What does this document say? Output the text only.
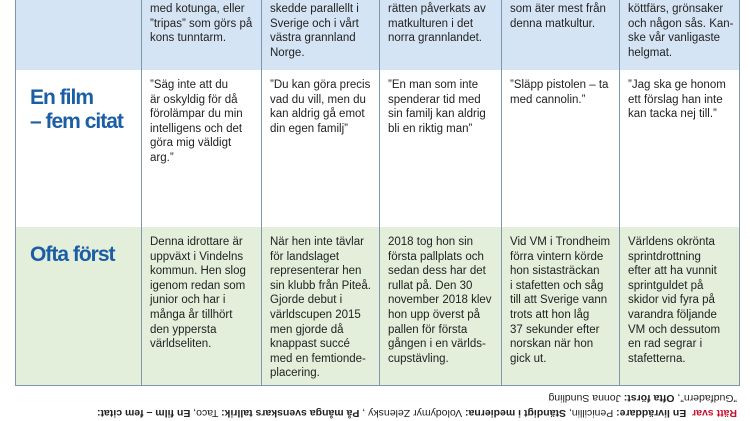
med kotunga, eller
”tripas” som görs på
kons tunntarm.
skedde parallellt i
Sverige och i vårt
västra grannland
Norge.
rätten påverkats av
matkulturen i det
norra grannlandet.
som äter mest från
denna matkultur.
köttfärs, grönsaker
och någon sås. Kan-
ske vår vanligaste
helgmat.
En film
– fem citat
”Säg inte att du
är oskyldig för då
förolämpar du min
intelligens och det
göra mig väldigt
arg.”
”Du kan göra precis
vad du vill, men du
kan aldrig gå emot
din egen familj”
”En man som inte
spenderar tid med
sin familj kan aldrig
bli en riktig man”
”Släpp pistolen – ta
med cannolin.”
”Jag ska ge honom
ett förslag han inte
kan tacka nej till.”
Ofta först
Denna idrottare är
uppväxt i Vindelns
kommun. Hen slog
igenom redan som
junior och har i
många år tillhört
den yppersta
världseliten.
När hen inte tävlar
för landslaget
representerar hen
sin klubb från Piteå.
Gjorde debut i
världscupen 2015
men gjorde då
knappast succé
med en femtionde-
placering.
2018 tog hon sin
första pallplats och
sedan dess har det
rullat på. Den 30
november 2018 klev
hon upp överst på
pallen för första
gången i en världs-
cupstävling.
Vid VM i Trondheim
förra vintern körde
hon sistasträckan
i stafetten och såg
till att Sverige vann
trots att hon låg
37 sekunder efter
norskan när hon
gick ut.
Världens okrönta
sprintdrottning
efter att ha vunnit
sprintguldet på
skidor vid fyra på
varandra följande
VM och dessutom
en rad segrar i
stafetterna.
Rätt svar  En livräddare: Penicillin, Ständigt i medierna: Volodymyr Zelensky , På många svenskars tallrik: Taco, En film – fem citat:
”Gudfadern”, Ofta först: Jonna Sundling
